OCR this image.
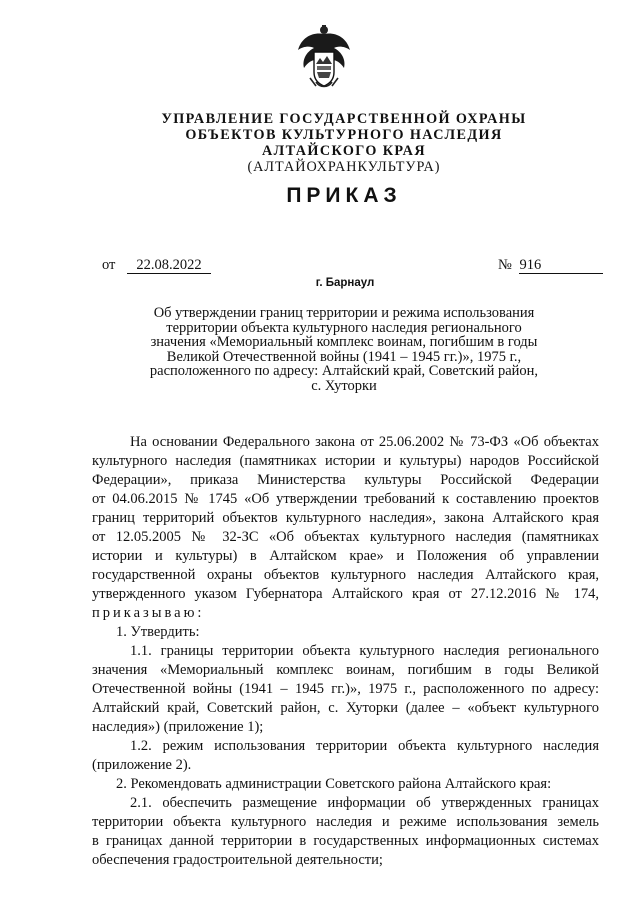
УПРАВЛЕНИЕ ГОСУДАРСТВЕННОЙ ОХРАНЫ
ОБЪЕКТОВ КУЛЬТУРНОГО НАСЛЕДИЯ
АЛТАЙСКОГО КРАЯ
(АЛТАЙОХРАНКУЛЬТУРА)
ПРИКАЗ
от 22.08.2022	№ 916
г. Барнаул
Об утверждении границ территории и режима использования
территории объекта культурного наследия регионального
значения «Мемориальный комплекс воинам, погибшим в годы
Великой Отечественной войны (1941 – 1945 гг.)», 1975 г.,
расположенного по адресу: Алтайский край, Советский район,
с. Хуторки
На основании Федерального закона от 25.06.2002 № 73-ФЗ «Об объектах
культурного наследия (памятниках истории и культуры) народов Российской
Федерации», приказа Министерства культуры Российской Федерации
от 04.06.2015 № 1745 «Об утверждении требований к составлению проектов
границ территорий объектов культурного наследия», закона Алтайского края
от 12.05.2005 № 32-ЗС «Об объектах культурного наследия (памятниках
истории и культуры) в Алтайском крае» и Положения об управлении
государственной охраны объектов культурного наследия Алтайского края,
утвержденного указом Губернатора Алтайского края от 27.12.2016 № 174,
приказываю:
1. Утвердить:
1.1. границы территории объекта культурного наследия регионального
значения «Мемориальный комплекс воинам, погибшим в годы Великой
Отечественной войны (1941 – 1945 гг.)», 1975 г., расположенного по адресу:
Алтайский край, Советский район, с. Хуторки (далее – «объект культурного
наследия») (приложение 1);
1.2. режим использования территории объекта культурного наследия
(приложение 2).
2. Рекомендовать администрации Советского района Алтайского края:
2.1. обеспечить размещение информации об утвержденных границах
территории объекта культурного наследия и режиме использования земель
в границах данной территории в государственных информационных системах
обеспечения градостроительной деятельности;
